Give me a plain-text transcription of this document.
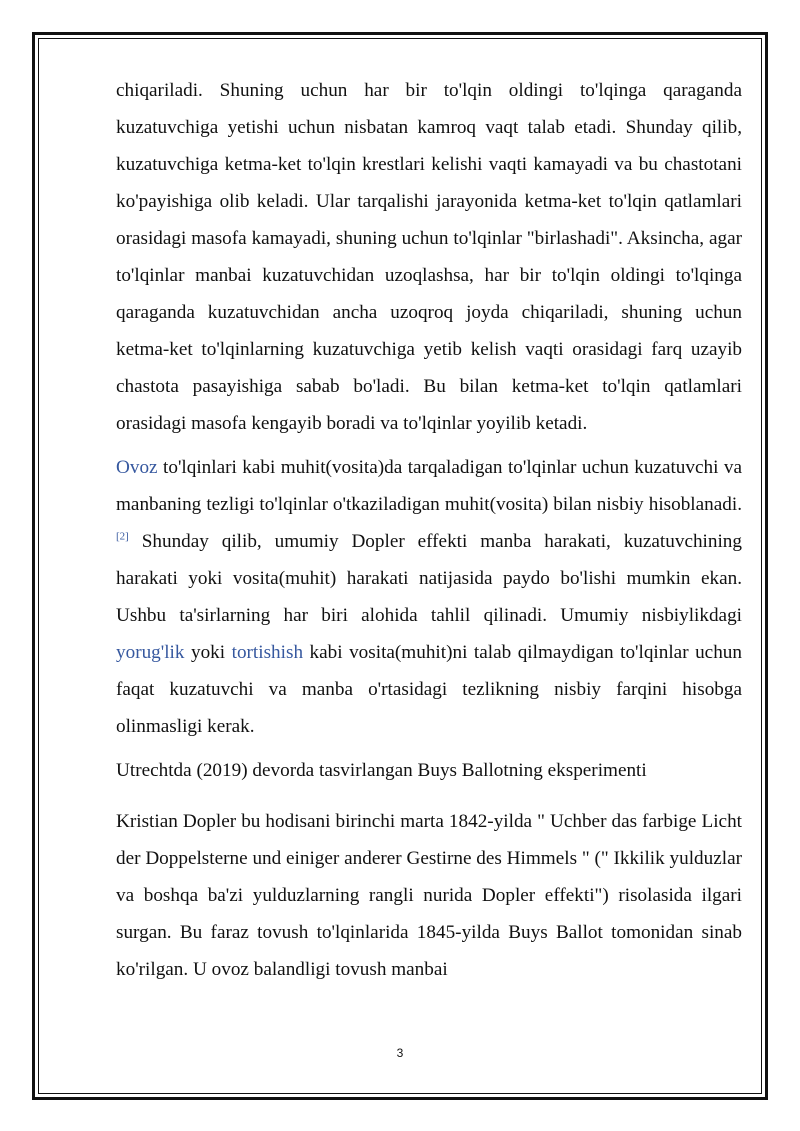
chiqariladi. Shuning uchun har bir to'lqin oldingi to'lqinga qaraganda kuzatuvchiga yetishi uchun nisbatan kamroq vaqt talab etadi. Shunday qilib, kuzatuvchiga ketma-ket to'lqin krestlari kelishi vaqti kamayadi va bu chastotani ko'payishiga olib keladi. Ular tarqalishi jarayonida ketma-ket to'lqin qatlamlari orasidagi masofa kamayadi, shuning uchun to'lqinlar "birlashadi". Aksincha, agar to'lqinlar manbai kuzatuvchidan uzoqlashsa, har bir to'lqin oldingi to'lqinga qaraganda kuzatuvchidan ancha uzoqroq joyda chiqariladi, shuning uchun ketma-ket to'lqinlarning kuzatuvchiga yetib kelish vaqti orasidagi farq uzayib chastota pasayishiga sabab bo'ladi. Bu bilan ketma-ket to'lqin qatlamlari orasidagi masofa kengayib boradi va to'lqinlar yoyilib ketadi.

Ovoz to'lqinlari kabi muhit(vosita)da tarqaladigan to'lqinlar uchun kuzatuvchi va manbaning tezligi to'lqinlar o'tkaziladigan muhit(vosita) bilan nisbiy hisoblanadi.[2] Shunday qilib, umumiy Dopler effekti manba harakati, kuzatuvchining harakati yoki vosita(muhit) harakati natijasida paydo bo'lishi mumkin ekan. Ushbu ta'sirlarning har biri alohida tahlil qilinadi. Umumiy nisbiylikdagi yorug'lik yoki tortishish kabi vosita(muhit)ni talab qilmaydigan to'lqinlar uchun faqat kuzatuvchi va manba o'rtasidagi tezlikning nisbiy farqini hisobga olinmasligi kerak.

Utrechtda (2019) devorda tasvirlangan Buys Ballotning eksperimenti

Kristian Dopler bu hodisani birinchi marta 1842-yilda " Uchber das farbige Licht der Doppelsterne und einiger anderer Gestirne des Himmels " (" Ikkilik yulduzlar va boshqa ba'zi yulduzlarning rangli nurida Dopler effekti") risolasida ilgari surgan. Bu faraz tovush to'lqinlarida 1845-yilda Buys Ballot tomonidan sinab ko'rilgan. U ovoz balandligi tovush manbai

3
